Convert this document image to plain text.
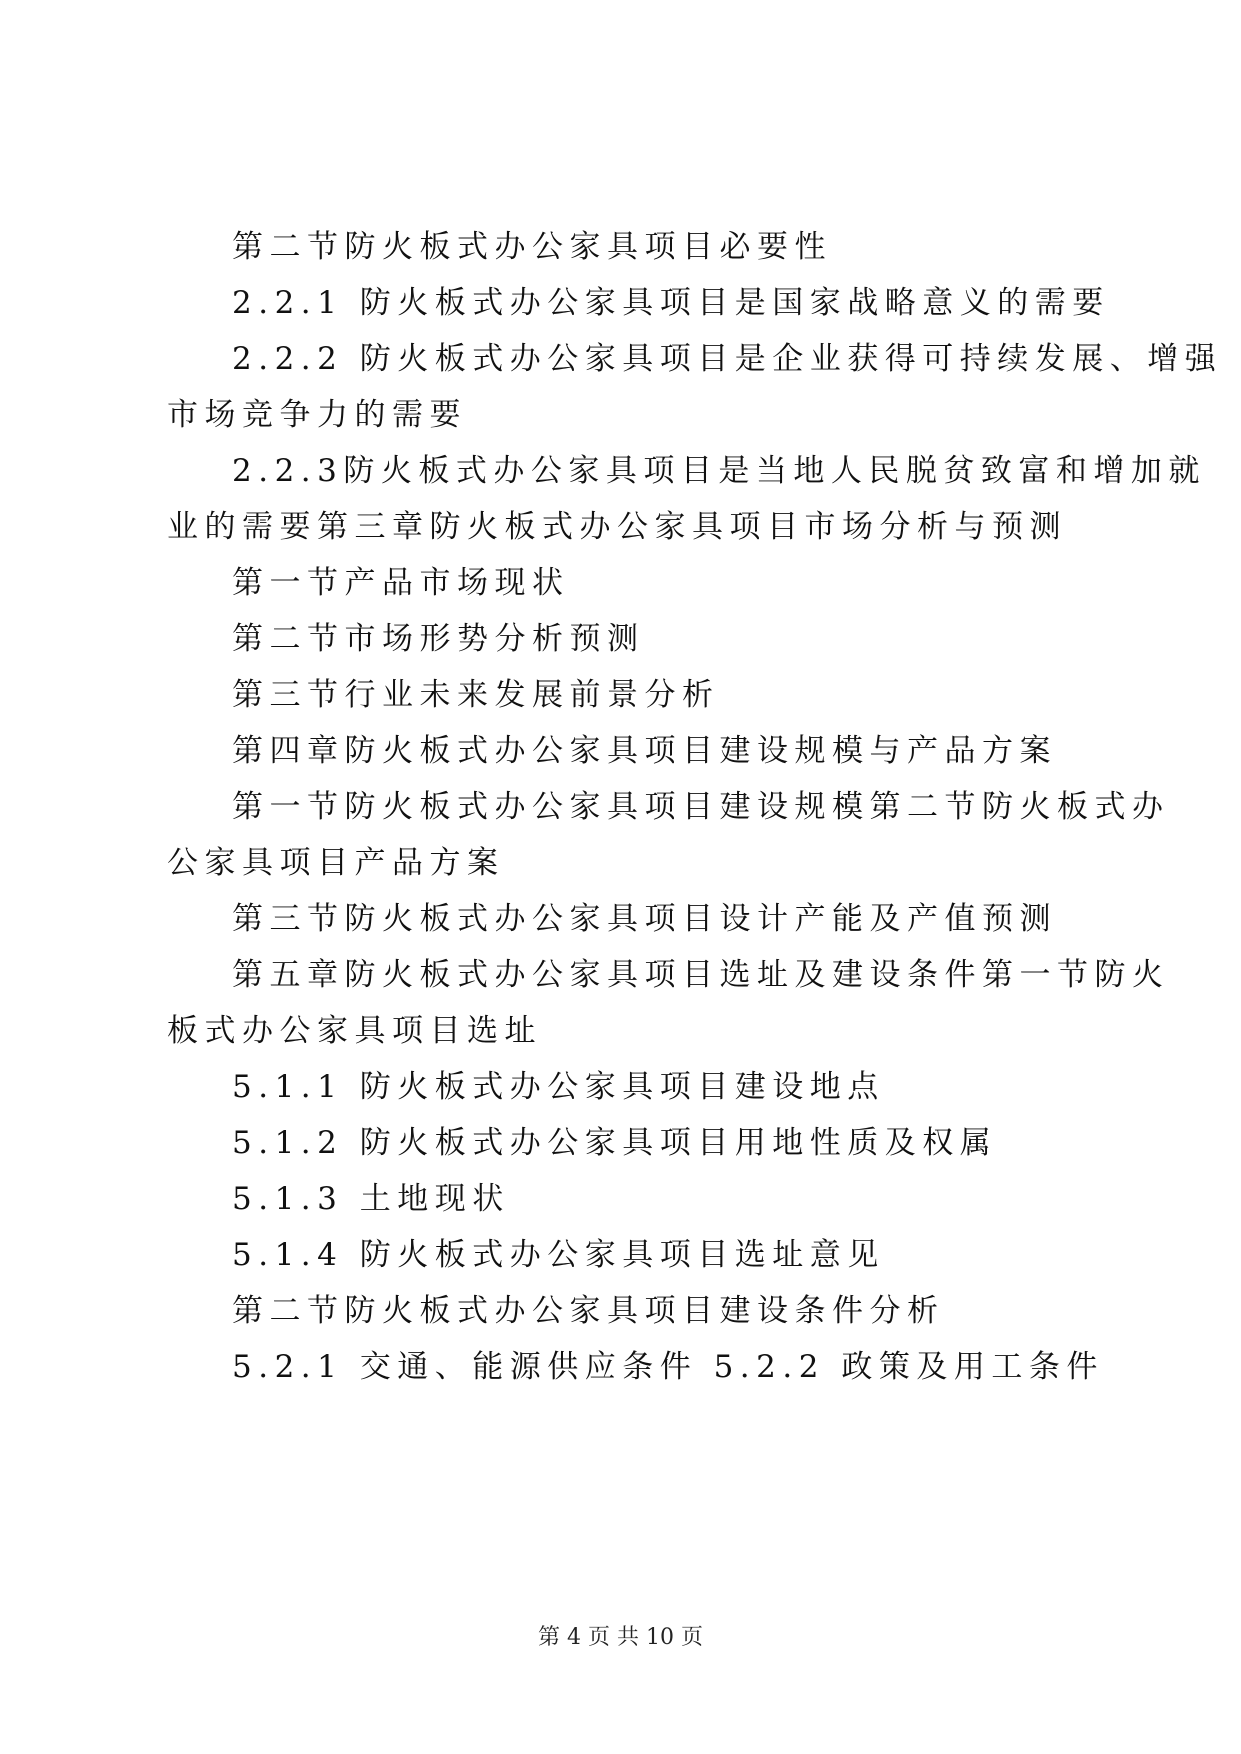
第二节防火板式办公家具项目必要性
2.2.1 防火板式办公家具项目是国家战略意义的需要
2.2.2 防火板式办公家具项目是企业获得可持续发展、增强
市场竞争力的需要
2.2.3防火板式办公家具项目是当地人民脱贫致富和增加就
业的需要第三章防火板式办公家具项目市场分析与预测
第一节产品市场现状
第二节市场形势分析预测
第三节行业未来发展前景分析
第四章防火板式办公家具项目建设规模与产品方案
第一节防火板式办公家具项目建设规模第二节防火板式办
公家具项目产品方案
第三节防火板式办公家具项目设计产能及产值预测
第五章防火板式办公家具项目选址及建设条件第一节防火
板式办公家具项目选址
5.1.1 防火板式办公家具项目建设地点
5.1.2 防火板式办公家具项目用地性质及权属
5.1.3 土地现状
5.1.4 防火板式办公家具项目选址意见
第二节防火板式办公家具项目建设条件分析
5.2.1 交通、能源供应条件 5.2.2 政策及用工条件
第 4 页 共 10 页
